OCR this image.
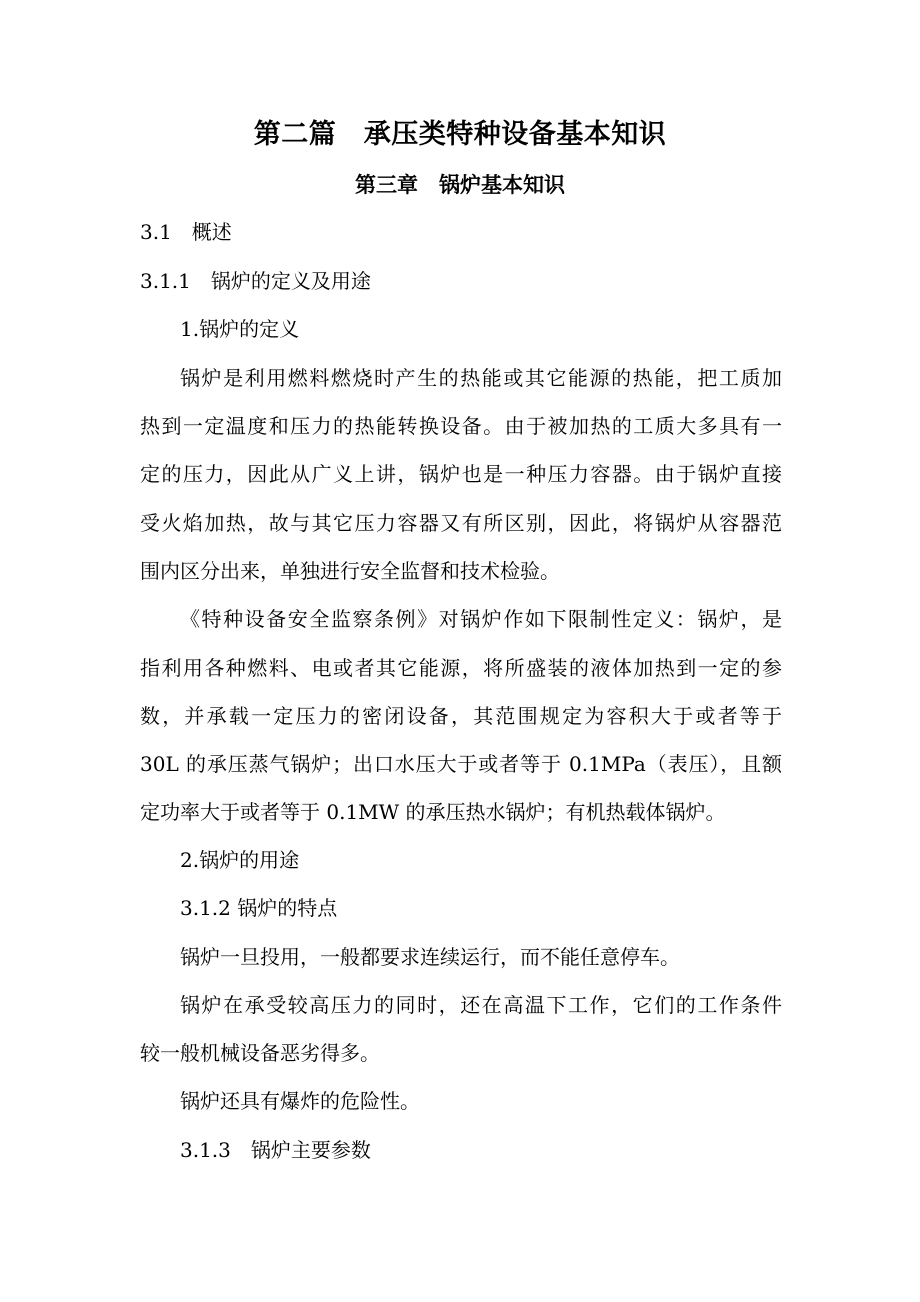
第二篇　承压类特种设备基本知识
第三章　锅炉基本知识
3.1　概述
3.1.1　锅炉的定义及用途
1.锅炉的定义
锅炉是利用燃料燃烧时产生的热能或其它能源的热能，把工质加
热到一定温度和压力的热能转换设备。由于被加热的工质大多具有一
定的压力，因此从广义上讲，锅炉也是一种压力容器。由于锅炉直接
受火焰加热，故与其它压力容器又有所区别，因此，将锅炉从容器范
围内区分出来，单独进行安全监督和技术检验。
《特种设备安全监察条例》对锅炉作如下限制性定义：锅炉，是
指利用各种燃料、电或者其它能源，将所盛装的液体加热到一定的参
数，并承载一定压力的密闭设备，其范围规定为容积大于或者等于
30L 的承压蒸气锅炉；出口水压大于或者等于 0.1MPa（表压），且额
定功率大于或者等于 0.1MW 的承压热水锅炉；有机热载体锅炉。
2.锅炉的用途
3.1.2 锅炉的特点
锅炉一旦投用，一般都要求连续运行，而不能任意停车。
锅炉在承受较高压力的同时，还在高温下工作，它们的工作条件
较一般机械设备恶劣得多。
锅炉还具有爆炸的危险性。
3.1.3　锅炉主要参数
